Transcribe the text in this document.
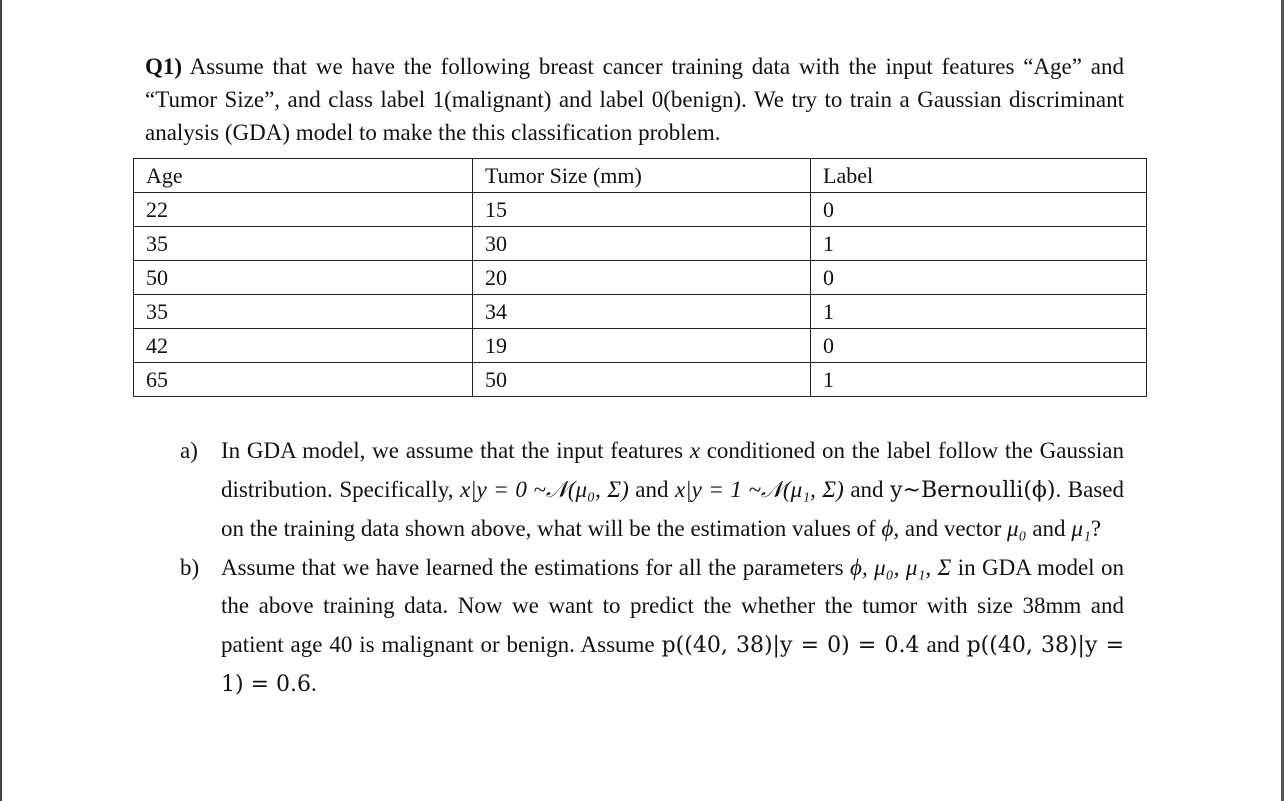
Q1) Assume that we have the following breast cancer training data with the input features “Age” and “Tumor Size”, and class label 1(malignant) and label 0(benign). We try to train a Gaussian discriminant analysis (GDA) model to make the this classification problem.

Age	Tumor Size (mm)	Label
22	15	0
35	30	1
50	20	0
35	34	1
42	19	0
65	50	1
a) In GDA model, we assume that the input features x conditioned on the label follow the Gaussian distribution. Specifically, x|y = 0 ~𝒩(μ₀, Σ) and x|y = 1 ~𝒩(μ₁, Σ) and y~Bernoulli(ϕ). Based on the training data shown above, what will be the estimation values of ϕ, and vector μ₀ and μ₁?
b) Assume that we have learned the estimations for all the parameters ϕ, μ₀, μ₁, Σ in GDA model on the above training data. Now we want to predict the whether the tumor with size 38mm and patient age 40 is malignant or benign. Assume p((40, 38)|y = 0) = 0.4 and p((40, 38)|y = 1) = 0.6.
